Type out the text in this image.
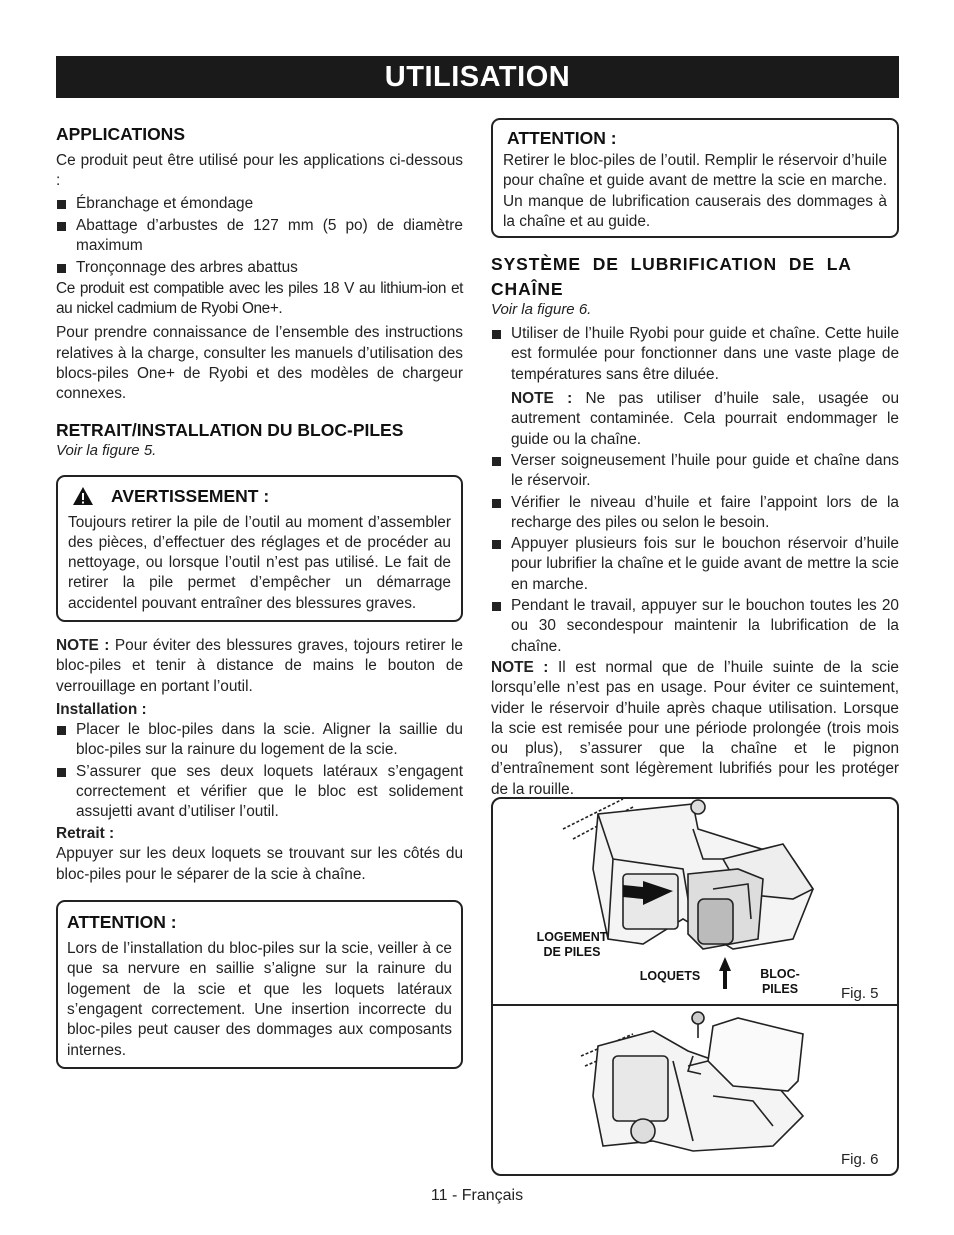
UTILISATION
APPLICATIONS

Ce produit peut être utilisé pour les applications ci-dessous :

Ébranchage et émondage
Abattage d’arbustes de 127 mm (5 po) de diamètre maximum
Tronçonnage des arbres abattus

Ce produit est compatible avec les piles 18 V au lithium-ion et au nickel cadmium de Ryobi One+.

Pour prendre connaissance de l’ensemble des instructions relatives à la charge, consulter les manuels d’utilisation des blocs-piles One+ de Ryobi et des modèles de chargeur connexes.

RETRAIT/INSTALLATION DU BLOC-PILES

Voir la figure 5.

AVERTISSEMENT :

Toujours retirer la pile de l’outil au moment d’assembler des pièces, d’effectuer des réglages et de procéder au nettoyage, ou lorsque l’outil n’est pas utilisé. Le fait de retirer la pile permet d’empêcher un démarrage accidentel pouvant entraîner des blessures graves.

NOTE : Pour éviter des blessures graves, tojours retirer le bloc-piles et tenir à distance de mains le bouton de verrouillage en portant l’outil.

Installation :

Placer le bloc-piles dans la scie. Aligner la saillie du bloc-piles sur la rainure du logement de la scie.
S’assurer que ses deux loquets latéraux s’engagent correctement et vérifier que le bloc est solidement assujetti avant d’utiliser l’outil.

Retrait :

Appuyer sur les deux loquets se trouvant sur les côtés du bloc-piles pour le séparer de la scie à chaîne.

ATTENTION :

Lors de l’installation du bloc-piles sur la scie, veiller à ce que sa nervure en saillie s’aligne sur la rainure du logement de la scie et que les loquets latéraux s’engagent correctement. Une insertion incorrecte du bloc-piles peut causer des dommages aux composants internes.

ATTENTION :

Retirer le bloc-piles de l’outil. Remplir le réservoir d’huile pour chaîne et guide avant de mettre la scie en marche. Un manque de lubrification causerais des dommages à la chaîne et au guide.

SYSTÈME DE LUBRIFICATION DE LA CHAÎNE

Voir la figure 6.

Utiliser de l’huile Ryobi pour guide et chaîne. Cette huile est formulée pour fonctionner dans une vaste plage de températures sans être diluée.

NOTE : Ne pas utiliser d’huile sale, usagée ou autrement contaminée. Cela pourrait endommager le guide ou la chaîne.

Verser soigneusement l’huile pour guide et chaîne dans le réservoir.
Vérifier le niveau d’huile et faire l’appoint lors de la recharge des piles ou selon le besoin.
Appuyer plusieurs fois sur le bouchon réservoir d’huile pour lubrifier la chaîne et le guide avant de mettre la scie en marche.
Pendant le travail, appuyer sur le bouchon toutes les 20 ou 30 secondespour maintenir la lubrification de la chaîne.

NOTE : Il est normal que de l’huile suinte de la scie lorsqu’elle n’est pas en usage. Pour éviter ce suintement, vider le réservoir d’huile après chaque utilisation. Lorsque la scie est remisée pour une période prolongée (trois mois ou plus), s’assurer que la chaîne et le pignon d’entraînement sont légèrement lubrifiés pour les protéger de la rouille.

LOGEMENT
DE PILES
LOQUETS	BLOC-
PILES	Fig. 5
Fig. 6
11 - Français
